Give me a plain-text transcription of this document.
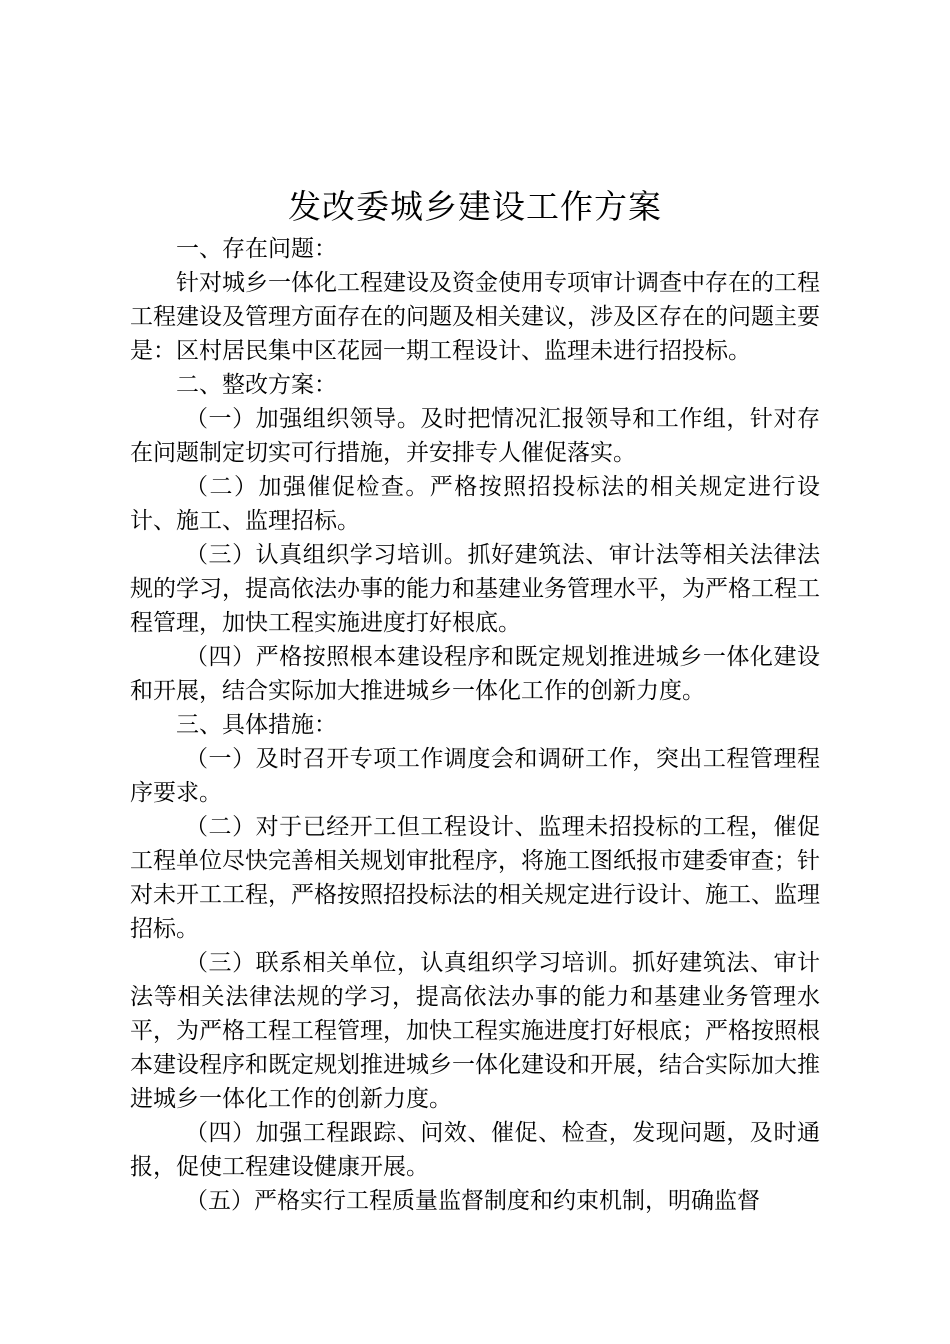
发改委城乡建设工作方案

一、存在问题：

针对城乡一体化工程建设及资金使用专项审计调查中存在的工程工程建设及管理方面存在的问题及相关建议，涉及区存在的问题主要是：区村居民集中区花园一期工程设计、监理未进行招投标。

二、整改方案：

（一）加强组织领导。及时把情况汇报领导和工作组，针对存在问题制定切实可行措施，并安排专人催促落实。

（二）加强催促检查。严格按照招投标法的相关规定进行设计、施工、监理招标。

（三）认真组织学习培训。抓好建筑法、审计法等相关法律法规的学习，提高依法办事的能力和基建业务管理水平，为严格工程工程管理，加快工程实施进度打好根底。

（四）严格按照根本建设程序和既定规划推进城乡一体化建设和开展，结合实际加大推进城乡一体化工作的创新力度。

三、具体措施：

（一）及时召开专项工作调度会和调研工作，突出工程管理程序要求。

（二）对于已经开工但工程设计、监理未招投标的工程，催促工程单位尽快完善相关规划审批程序，将施工图纸报市建委审查；针对未开工工程，严格按照招投标法的相关规定进行设计、施工、监理招标。

（三）联系相关单位，认真组织学习培训。抓好建筑法、审计法等相关法律法规的学习，提高依法办事的能力和基建业务管理水平，为严格工程工程管理，加快工程实施进度打好根底；严格按照根本建设程序和既定规划推进城乡一体化建设和开展，结合实际加大推进城乡一体化工作的创新力度。

（四）加强工程跟踪、问效、催促、检查，发现问题，及时通报，促使工程建设健康开展。

（五）严格实行工程质量监督制度和约束机制，明确监督
